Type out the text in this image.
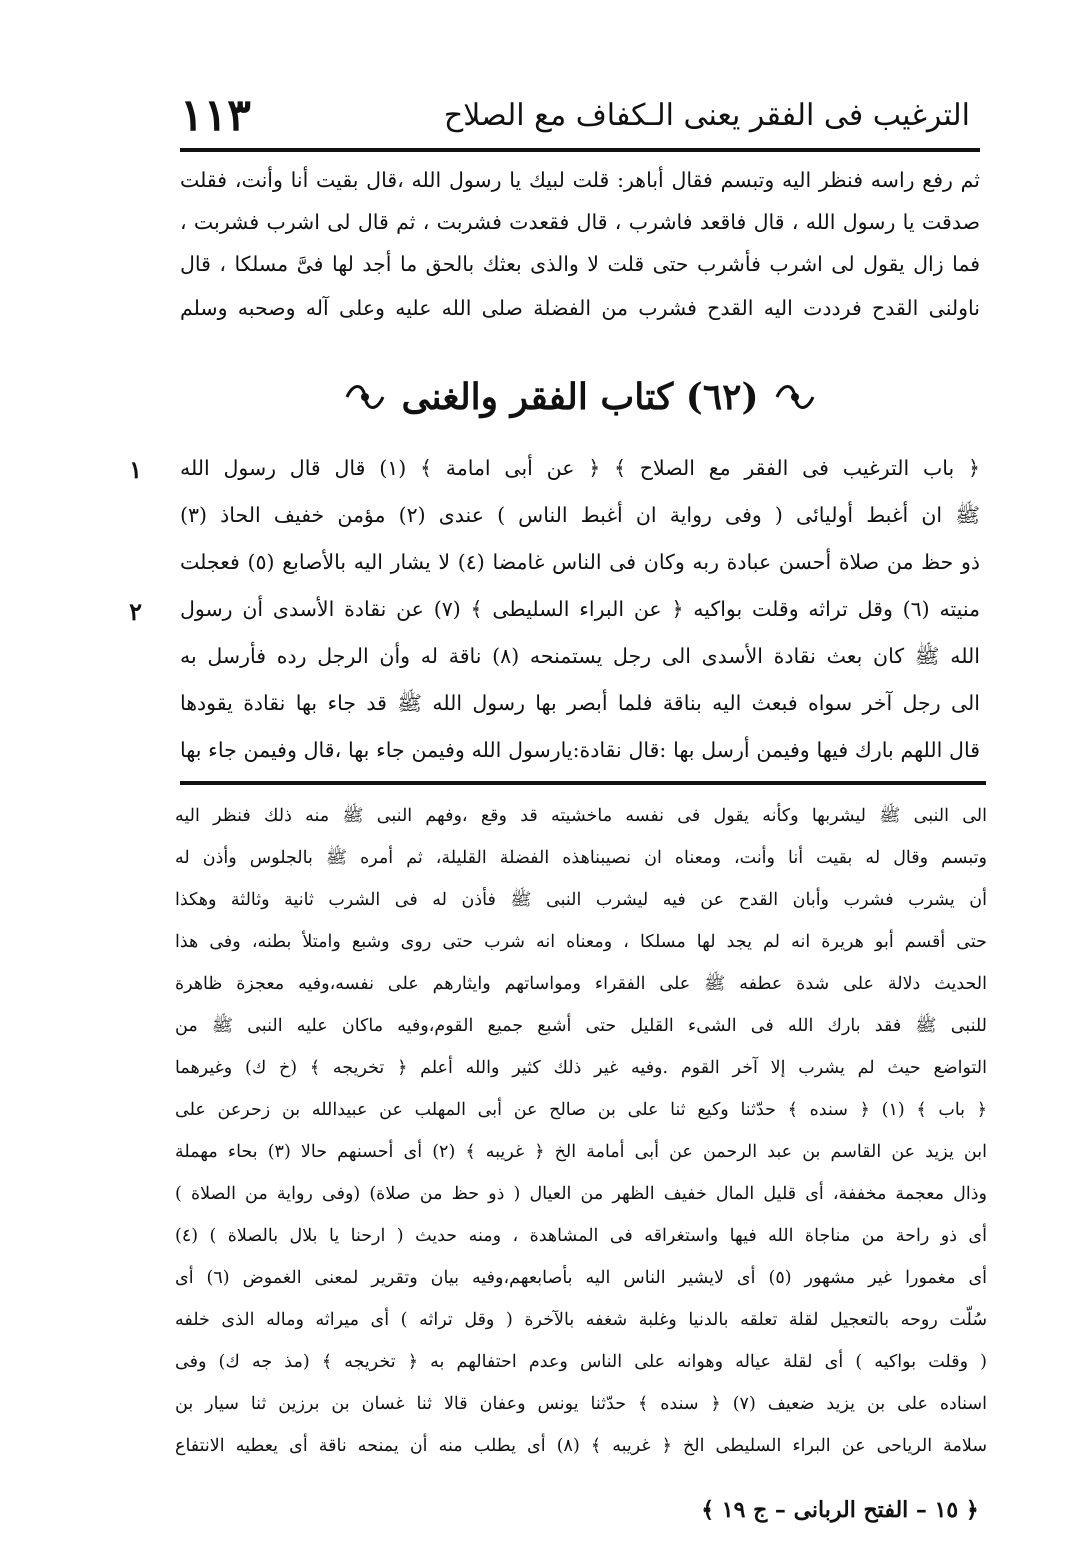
١١٣	الترغيب فى الفقر يعنى الـكفاف مع الصلاح
ثم رفع راسه فنظر اليه وتبسم فقال أباهر: قلت لبيك يا رسول الله ،قال بقيت أنا وأنت، فقلت
صدقت يا رسول الله ، قال فاقعد فاشرب ، قال فقعدت فشربت ، ثم قال لى اشرب فشربت ،
فما زال يقول لى اشرب فأشرب حتى قلت لا والذى بعثك بالحق ما أجد لها فىَّ مسلكا ، قال
ناولنى القدح فرددت اليه القدح فشرب من الفضلة صلى الله عليه وعلى آله وصحبه وسلم
(٦٢) كتاب الفقر والغنى
١
٢
﴿ باب الترغيب فى الفقر مع الصلاح ﴾ ﴿ عن أبى امامة ﴾ (١) قال قال رسول الله
ﷺ ان أغبط أوليائى ( وفى رواية ان أغبط الناس ) عندى (٢) مؤمن خفيف الحاذ (٣)
ذو حظ من صلاة أحسن عبادة ربه وكان فى الناس غامضا (٤) لا يشار اليه بالأصابع (٥) فعجلت
منيته (٦) وقل تراثه وقلت بواكيه ﴿ عن البراء السليطى ﴾ (٧) عن نقادة الأسدى أن رسول
الله ﷺ كان بعث نقادة الأسدى الى رجل يستمنحه (٨) ناقة له وأن الرجل رده فأرسل به
الى رجل آخر سواه فبعث اليه بناقة فلما أبصر بها رسول الله ﷺ قد جاء بها نقادة يقودها
قال اللهم بارك فيها وفيمن أرسل بها :قال نقادة:يارسول الله وفيمن جاء بها ،قال وفيمن جاء بها
الى النبى ﷺ ليشربها وكأنه يقول فى نفسه ماخشيته قد وقع ،وفهم النبى ﷺ منه ذلك فنظر اليه
وتبسم وقال له بقيت أنا وأنت، ومعناه ان نصيبناهذه الفضلة القليلة، ثم أمره ﷺ بالجلوس وأذن له
أن يشرب فشرب وأبان القدح عن فيه ليشرب النبى ﷺ فأذن له فى الشرب ثانية وثالثة وهكذا
حتى أقسم أبو هريرة انه لم يجد لها مسلكا ، ومعناه انه شرب حتى روى وشبع وامتلأ بطنه، وفى هذا
الحديث دلالة على شدة عطفه ﷺ على الفقراء ومواساتهم وايثارهم على نفسه،وفيه معجزة ظاهرة
للنبى ﷺ فقد بارك الله فى الشىء القليل حتى أشبع جميع القوم،وفيه ماكان عليه النبى ﷺ من
التواضع حيث لم يشرب إلا آخر القوم .وفيه غير ذلك كثير والله أعلم ﴿ تخريجه ﴾ (خ ك) وغيرهما
﴿ باب ﴾ (١) ﴿ سنده ﴾ حدّثنا وكيع ثنا على بن صالح عن أبى المهلب عن عبيدالله بن زحرعن على
ابن يزيد عن القاسم بن عبد الرحمن عن أبى أمامة الخ ﴿ غريبه ﴾ (٢) أى أحسنهم حالا (٣) بحاء مهملة
وذال معجمة مخففة، أى قليل المال خفيف الظهر من العيال ( ذو حظ من صلاة) (وفى رواية من الصلاة )
أى ذو راحة من مناجاة الله فيها واستغراقه فى المشاهدة ، ومنه حديث ( ارحنا يا بلال بالصلاة ) (٤)
أى مغمورا غير مشهور (٥) أى لايشير الناس اليه بأصابعهم،وفيه بيان وتقرير لمعنى الغموض (٦) أى
سُلّت روحه بالتعجيل لقلة تعلقه بالدنيا وغلبة شغفه بالآخرة ( وقل تراثه ) أى ميراثه وماله الذى خلفه
( وقلت بواكيه ) أى لقلة عياله وهوانه على الناس وعدم احتفالهم به ﴿ تخريجه ﴾ (مذ جه ك) وفى
اسناده على بن يزيد ضعيف (٧) ﴿ سنده ﴾ حدّثنا يونس وعفان قالا ثنا غسان بن برزين ثنا سيار بن
سلامة الرياحى عن البراء السليطى الخ ﴿ غريبه ﴾ (٨) أى يطلب منه أن يمنحه ناقة أى يعطيه الانتفاع
﴿ ١٥ – الفتح الربانى – ج ١٩ ﴾
